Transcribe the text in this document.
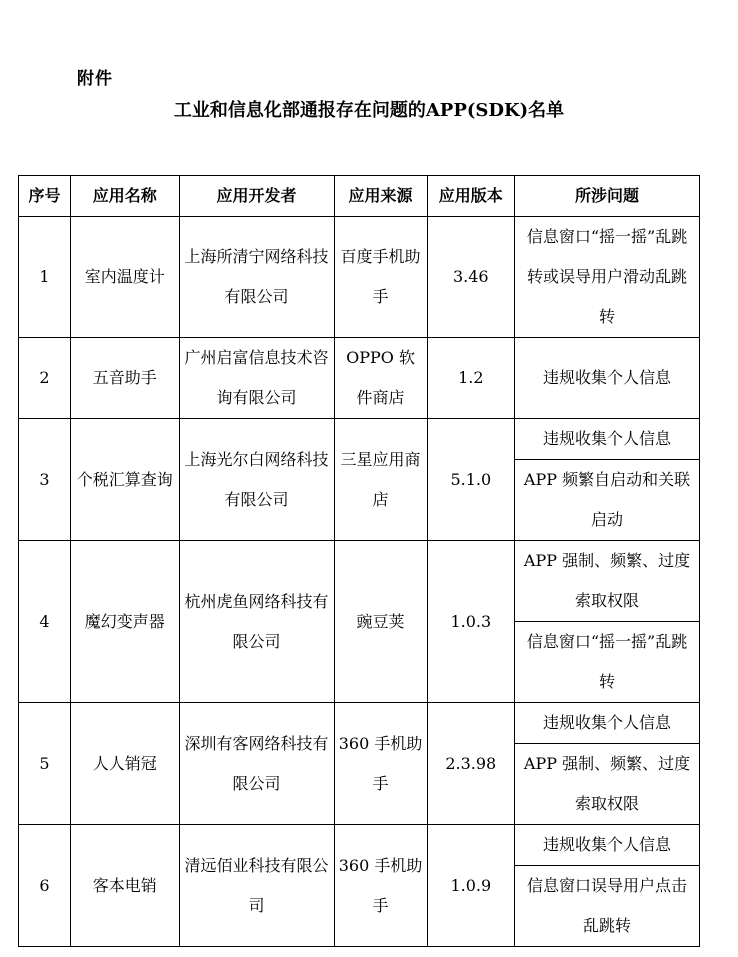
附件
工业和信息化部通报存在问题的APP(SDK)名单
序号	应用名称	应用开发者	应用来源	应用版本	所涉问题
1	室内温度计	上海所清宁网络科技有限公司	百度手机助手	3.46	信息窗口“摇一摇”乱跳转或误导用户滑动乱跳转
2	五音助手	广州启富信息技术咨询有限公司	OPPO 软件商店	1.2	违规收集个人信息
3	个税汇算查询	上海光尔白网络科技有限公司	三星应用商店	5.1.0	违规收集个人信息
					APP 频繁自启动和关联启动
4	魔幻变声器	杭州虎鱼网络科技有限公司	豌豆荚	1.0.3	APP 强制、频繁、过度索取权限
					信息窗口“摇一摇”乱跳转
5	人人销冠	深圳有客网络科技有限公司	360 手机助手	2.3.98	违规收集个人信息
					APP 强制、频繁、过度索取权限
6	客本电销	清远佰业科技有限公司	360 手机助手	1.0.9	违规收集个人信息
					信息窗口误导用户点击乱跳转
